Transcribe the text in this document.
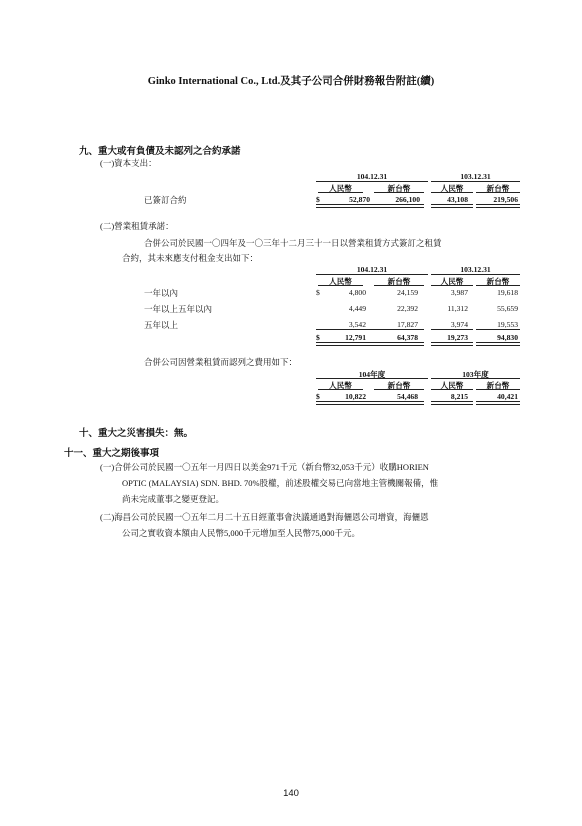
Ginko International Co., Ltd.及其子公司合併財務報告附註(續)
九、重大或有負債及未認列之合約承諾
(一)資本支出：
104.12.31	103.12.31
人民幣	新台幣	人民幣	新台幣
已簽訂合約	$	52,870	266,100	43,108	219,506
(二)營業租賃承諾：
合併公司於民國一〇四年及一〇三年十二月三十一日以營業租賃方式簽訂之租賃
合約，其未來應支付租金支出如下：
104.12.31	103.12.31
人民幣	新台幣	人民幣	新台幣
一年以內	$	4,800	24,159	3,987	19,618
一年以上五年以內	4,449	22,392	11,312	55,659
五年以上	3,542	17,827	3,974	19,553
$	12,791	64,378	19,273	94,830
合併公司因營業租賃而認列之費用如下：
104年度	103年度
人民幣	新台幣	人民幣	新台幣
$	10,822	54,468	8,215	40,421
十、重大之災害損失：無。
十一、重大之期後事項
(一)合併公司於民國一〇五年一月四日以美金971千元（新台幣32,053千元）收購HORIEN
OPTIC (MALAYSIA) SDN. BHD. 70%股權，前述股權交易已向當地主管機關報備，惟
尚未完成董事之變更登記。
(二)海昌公司於民國一〇五年二月二十五日經董事會決議通過對海儷恩公司增資，海儷恩
公司之實收資本額由人民幣5,000千元增加至人民幣75,000千元。
140
